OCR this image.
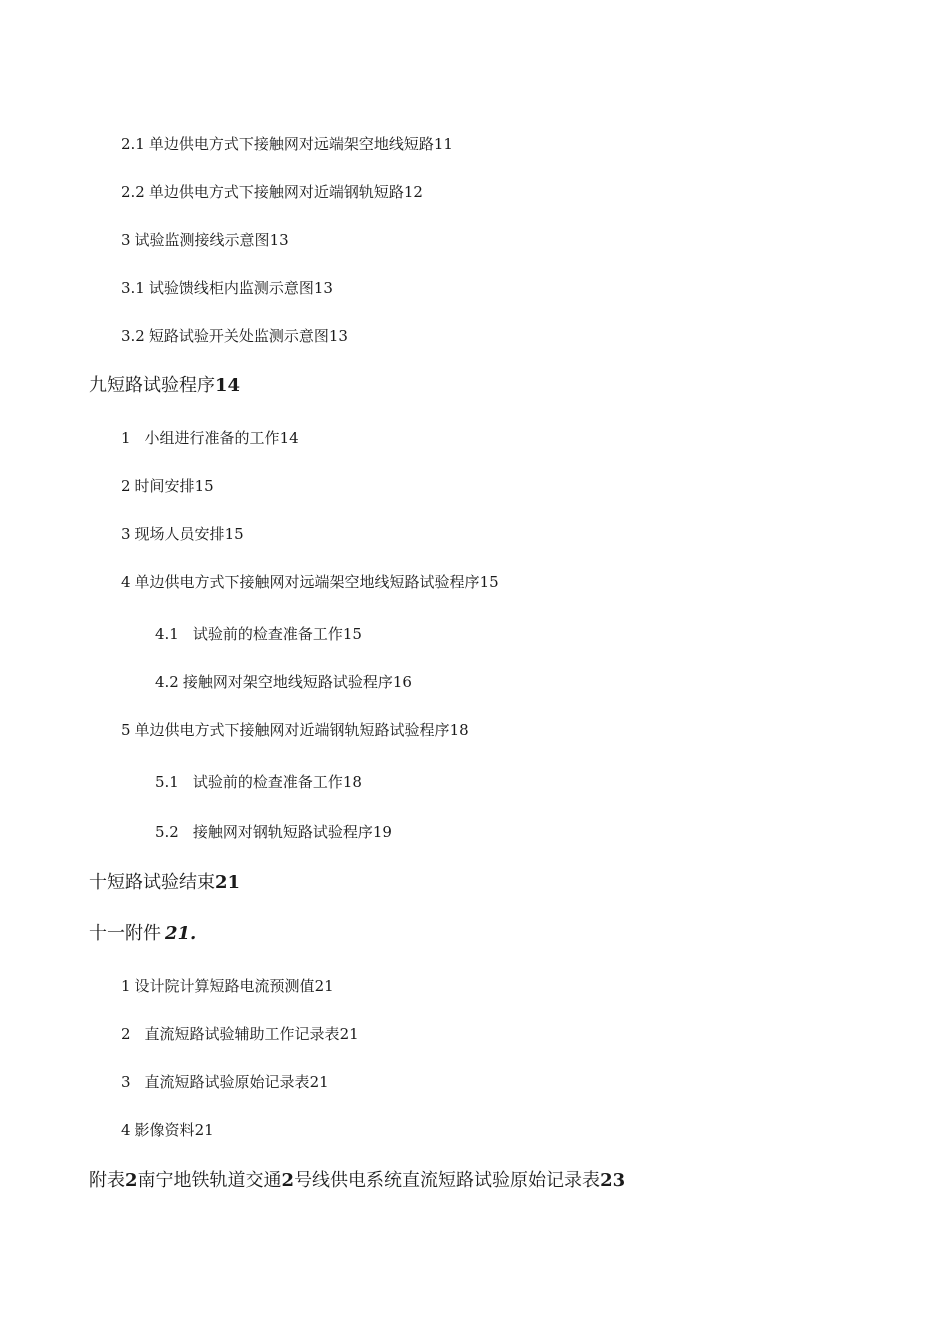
2.1 单边供电方式下接触网对远端架空地线短路11
2.2 单边供电方式下接触网对近端钢轨短路12
3 试验监测接线示意图13
3.1 试验馈线柜内监测示意图13
3.2 短路试验开关处监测示意图13
九短路试验程序14
1 小组进行准备的工作14
2 时间安排15
3 现场人员安排15
4 单边供电方式下接触网对远端架空地线短路试验程序15
4.1 试验前的检查准备工作15
4.2 接触网对架空地线短路试验程序16
5 单边供电方式下接触网对近端钢轨短路试验程序18
5.1 试验前的检查准备工作18
5.2 接触网对钢轨短路试验程序19
十短路试验结束21
十一附件 21.
1 设计院计算短路电流预测值21
2 直流短路试验辅助工作记录表21
3 直流短路试验原始记录表21
4 影像资料21
附表2南宁地铁轨道交通2号线供电系统直流短路试验原始记录表23
